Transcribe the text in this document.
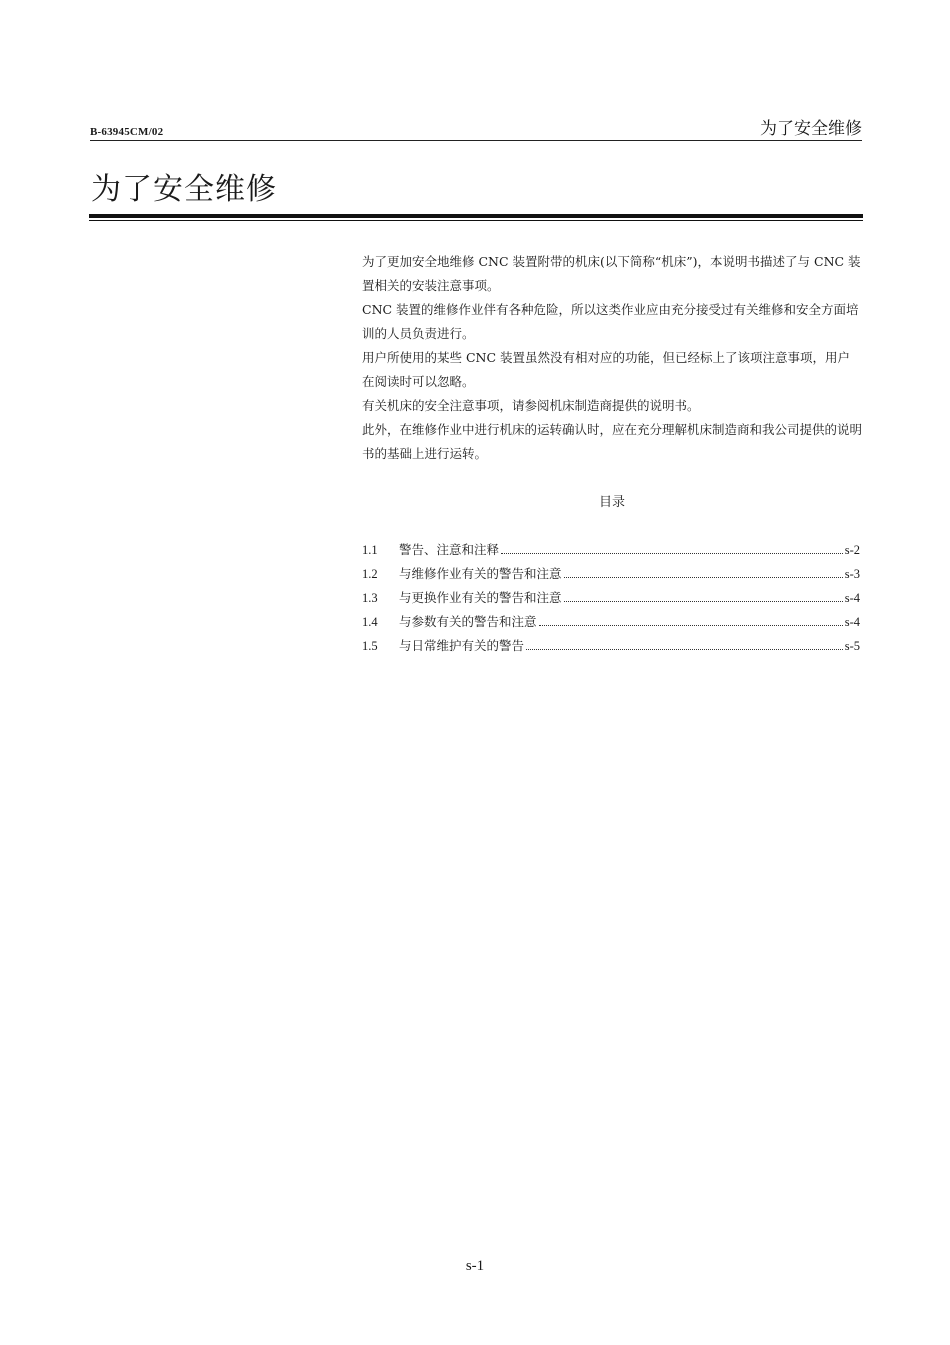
B-63945CM/02	为了安全维修
为了安全维修

为了更加安全地维修 CNC 装置附带的机床(以下简称“机床”)，本说明书描述了与 CNC 装置相关的安装注意事项。

CNC 装置的维修作业伴有各种危险，所以这类作业应由充分接受过有关维修和安全方面培训的人员负责进行。

用户所使用的某些 CNC 装置虽然没有相对应的功能，但已经标上了该项注意事项，用户在阅读时可以忽略。

有关机床的安全注意事项，请参阅机床制造商提供的说明书。

此外，在维修作业中进行机床的运转确认时，应在充分理解机床制造商和我公司提供的说明书的基础上进行运转。

目录
1.1	警告、注意和注释	s-2
1.2	与维修作业有关的警告和注意	s-3
1.3	与更换作业有关的警告和注意	s-4
1.4	与参数有关的警告和注意	s-4
1.5	与日常维护有关的警告	s-5
s-1
